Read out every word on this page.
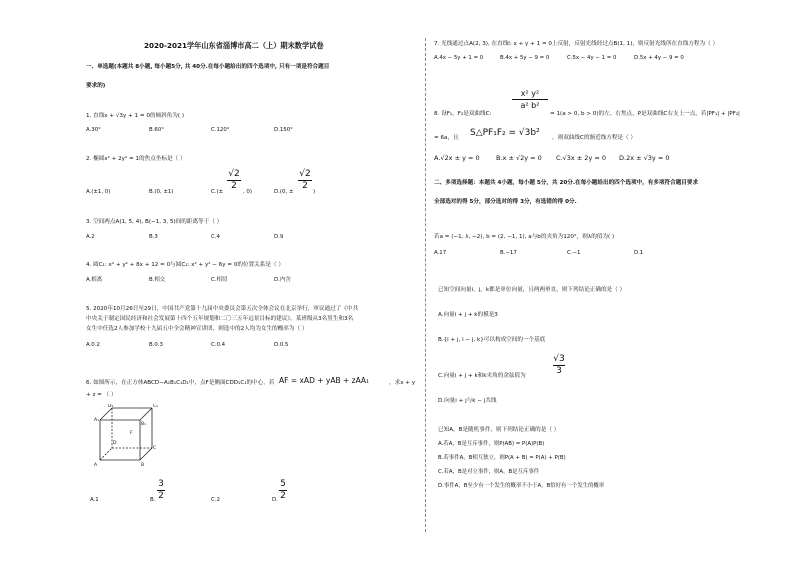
2020-2021学年山东省淄博市高二（上）期末数学试卷
一、单选题(本题共 8小题, 每小题5分, 共 40分.在每小题给出的四个选项中, 只有一项是符合题目
要求的)
1. 直线x + √3y + 1 = 0的倾斜角为( )
A.30°	B.60°	C.120°	D.150°
2. 椭圆x² + 2y² = 1的焦点坐标是（ ）
A.(±1, 0)	B.(0, ±1)	C.(±
√2
2
, 0)	D.(0, ±
√2
2
)
3. 空间两点A(1, 5, 4), B(−1, 3, 5)间的距离等于（ ）
A.2	B.3	C.4	D.9
4. 圆C₁: x² + y² + 8x + 12 = 0与圆C₂: x² + y² − 6y = 0的位置关系是（ ）
A.相离	B.相交	C.相切	D.内含
5. 2020年10月26日至29日，中国共产党第十九届中央委员会第五次全体会议在北京举行，审议通过了《中共
中央关于制定国民经济和社会发展第十四个五年规划和二〇三五年远景目标的建议》。某班级从3名男生和3名
女生中任选2人参加学校十九届五中全会精神宣讲团，则选中的2人均为女生的概率为（ ）
A.0.2	B.0.3	C.0.4	D.0.5
6. 如图所示，在正方体ABCD−A₁B₁C₁D₁中，点F是侧面CDD₁C₁的中心，若 AF = xAD + yAB + zAA₁	，求x + y
+ z = （ ）
D₁	C₁
A₁
B₁
F
D
C
A	B
A.1	B.
3
2	C.2	D.
5
2
7. 光线通过点A(2, 3), 在直线l: x + y + 1 = 0上反射，反射光线经过点B(1, 1)，则反射光线所在直线方程为（ ）
A.4x − 5y + 1 = 0	B.4x + 5y − 9 = 0	C.5x − 4y − 1 = 0	D.5x + 4y − 9 = 0
8. 设F₁，F₂是双曲线C:
x² y²
a² b²
= 1(a > 0, b > 0)的左、右焦点，P是双曲线C右支上一点，若|PF₁| + |PF₂|
= 6a，且 S△PF₁F₂ = √3b² ，则双曲线C的渐近线方程是（ ）
A.√2x ± y = 0	B.x ± √2y = 0 C.√3x ± 2y = 0 D.2x ± √3y = 0
二、多项选择题：本题共 4小题，每小题 5分，共 20分.在每小题给出的四个选项中，有多项符合题目要求
全部选对的得 5分，部分选对的得 3分，有选错的得 0分.
若a = (−1, λ, −2), b = (2, −1, 1), a与b的夹角为120°，则λ的值为( )
A.17	B.−17	C.−1	D.1
已知空间向量i，j，k都是单位向量，且两两垂直，则下列结论正确的是（ ）
A.向量i + j + k的模是3
B.{i + j, i − j, k}可以构成空间的一个基底
C.向量i + j + k和k夹角的余弦值为
√3
3
D.向量i + j与k − j共线
已知A，B是随机事件，则下列结论正确的是（ ）
A.若A，B是互斥事件，则P(AB) = P(A)P(B)
B.若事件A，B相互独立，则P(A + B) = P(A) + P(B)
C.若A，B是对立事件，则A，B是互斥事件
D.事件A，B至少有一个发生的概率不小于A，B恰好有一个发生的概率
